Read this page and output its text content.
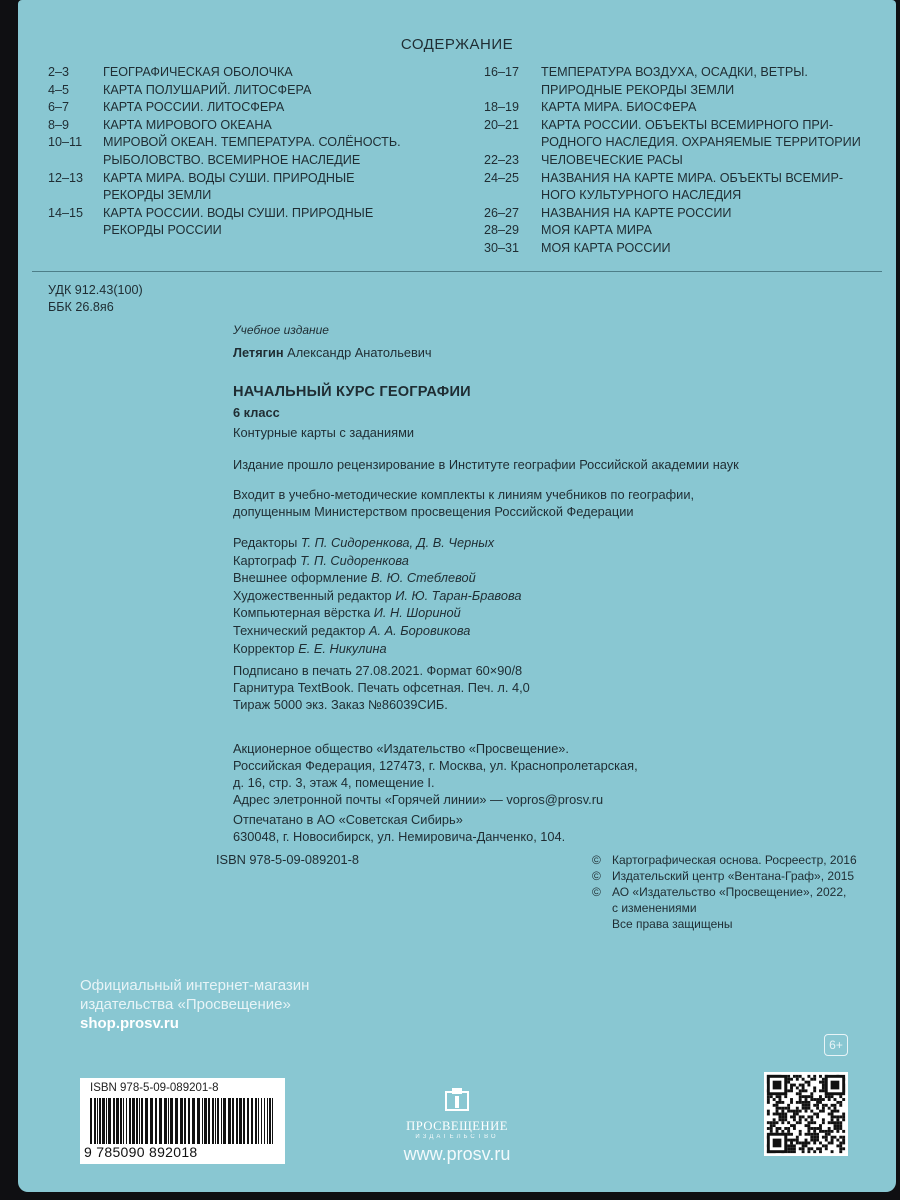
СОДЕРЖАНИЕ
2–3	ГЕОГРАФИЧЕСКАЯ ОБОЛОЧКА
4–5	КАРТА ПОЛУШАРИЙ. ЛИТОСФЕРА
6–7	КАРТА РОССИИ. ЛИТОСФЕРА
8–9	КАРТА МИРОВОГО ОКЕАНА
10–11	МИРОВОЙ ОКЕАН. ТЕМПЕРАТУРА. СОЛЁНОСТЬ.
РЫБОЛОВСТВО. ВСЕМИРНОЕ НАСЛЕДИЕ
12–13	КАРТА МИРА. ВОДЫ СУШИ. ПРИРОДНЫЕ
РЕКОРДЫ ЗЕМЛИ
14–15	КАРТА РОССИИ. ВОДЫ СУШИ. ПРИРОДНЫЕ
РЕКОРДЫ РОССИИ
16–17	ТЕМПЕРАТУРА ВОЗДУХА, ОСАДКИ, ВЕТРЫ.
ПРИРОДНЫЕ РЕКОРДЫ ЗЕМЛИ
18–19	КАРТА МИРА. БИОСФЕРА
20–21	КАРТА РОССИИ. ОБЪЕКТЫ ВСЕМИРНОГО ПРИ-
РОДНОГО НАСЛЕДИЯ. ОХРАНЯЕМЫЕ ТЕРРИТОРИИ
22–23	ЧЕЛОВЕЧЕСКИЕ РАСЫ
24–25	НАЗВАНИЯ НА КАРТЕ МИРА. ОБЪЕКТЫ ВСЕМИР-
НОГО КУЛЬТУРНОГО НАСЛЕДИЯ
26–27	НАЗВАНИЯ НА КАРТЕ РОССИИ
28–29	МОЯ КАРТА МИРА
30–31	МОЯ КАРТА РОССИИ
УДК 912.43(100)
ББК 26.8я6
Учебное издание
Летягин Александр Анатольевич
НАЧАЛЬНЫЙ КУРС ГЕОГРАФИИ
6 класс
Контурные карты с заданиями
Издание прошло рецензирование в Институте географии Российской академии наук
Входит в учебно-методические комплекты к линиям учебников по географии,
допущенным Министерством просвещения Российской Федерации
Редакторы Т. П. Сидоренкова, Д. В. Черных
Картограф Т. П. Сидоренкова
Внешнее оформление В. Ю. Стеблевой
Художественный редактор И. Ю. Таран-Бравова
Компьютерная вёрстка И. Н. Шориной
Технический редактор А. А. Боровикова
Корректор Е. Е. Никулина
Подписано в печать 27.08.2021. Формат 60×90/8
Гарнитура TextBook. Печать офсетная. Печ. л. 4,0
Тираж 5000 экз. Заказ №86039СИБ.
Акционерное общество «Издательство «Просвещение».
Российская Федерация, 127473, г. Москва, ул. Краснопролетарская,
д. 16, стр. 3, этаж 4, помещение I.
Адрес элетронной почты «Горячей линии» — vopros@prosv.ru
Отпечатано в АО «Советская Сибирь»
630048, г. Новосибирск, ул. Немировича-Данченко, 104.
ISBN 978-5-09-089201-8	© Картографическая основа. Росреестр, 2016
© Издательский центр «Вентана-Граф», 2015
© АО «Издательство «Просвещение», 2022,
с изменениями
Все права защищены
Официальный интернет-магазин
издательства «Просвещение»
shop.prosv.ru
6+
ISBN 978-5-09-089201-8
9 785090 892018
ПРОСВЕЩЕНИЕ
ИЗДАТЕЛЬСТВО
www.prosv.ru
